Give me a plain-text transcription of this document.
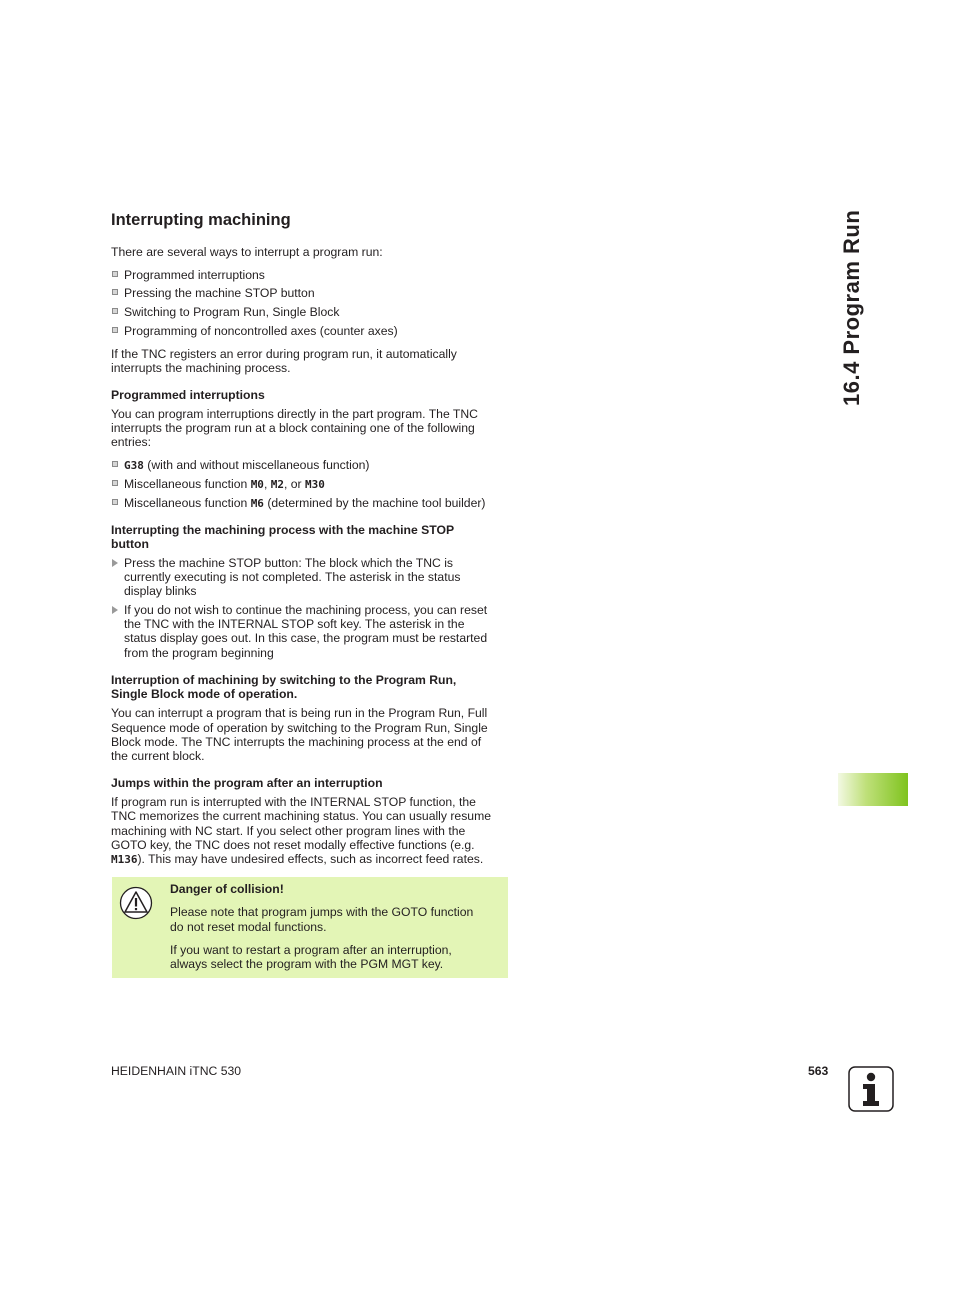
Interrupting machining

There are several ways to interrupt a program run:

Programmed interruptions

Pressing the machine STOP button

Switching to Program Run, Single Block

Programming of noncontrolled axes (counter axes)

If the TNC registers an error during program run, it automatically

interrupts the machining process.

Programmed interruptions

You can program interruptions directly in the part program. The TNC

interrupts the program run at a block containing one of the following

entries:

G38 (with and without miscellaneous function)

Miscellaneous function M0, M2, or M30

Miscellaneous function M6 (determined by the machine tool builder)

Interrupting the machining process with the machine STOP
button

Press the machine STOP button: The block which the TNC is

currently executing is not completed. The asterisk in the status

display blinks

If you do not wish to continue the machining process, you can reset

the TNC with the INTERNAL STOP soft key. The asterisk in the

status display goes out. In this case, the program must be restarted

from the program beginning

Interruption of machining by switching to the Program Run,
Single Block mode of operation.

You can interrupt a program that is being run in the Program Run, Full

Sequence mode of operation by switching to the Program Run, Single

Block mode. The TNC interrupts the machining process at the end of

the current block.

Jumps within the program after an interruption

If program run is interrupted with the INTERNAL STOP function, the

TNC memorizes the current machining status. You can usually resume

machining with NC start. If you select other program lines with the

GOTO key, the TNC does not reset modally effective functions (e.g.

M136). This may have undesired effects, such as incorrect feed rates.

Danger of collision!

Please note that program jumps with the GOTO function

do not reset modal functions.

If you want to restart a program after an interruption,

always select the program with the PGM MGT key.

16.4 Program Run
HEIDENHAIN iTNC 530	563
